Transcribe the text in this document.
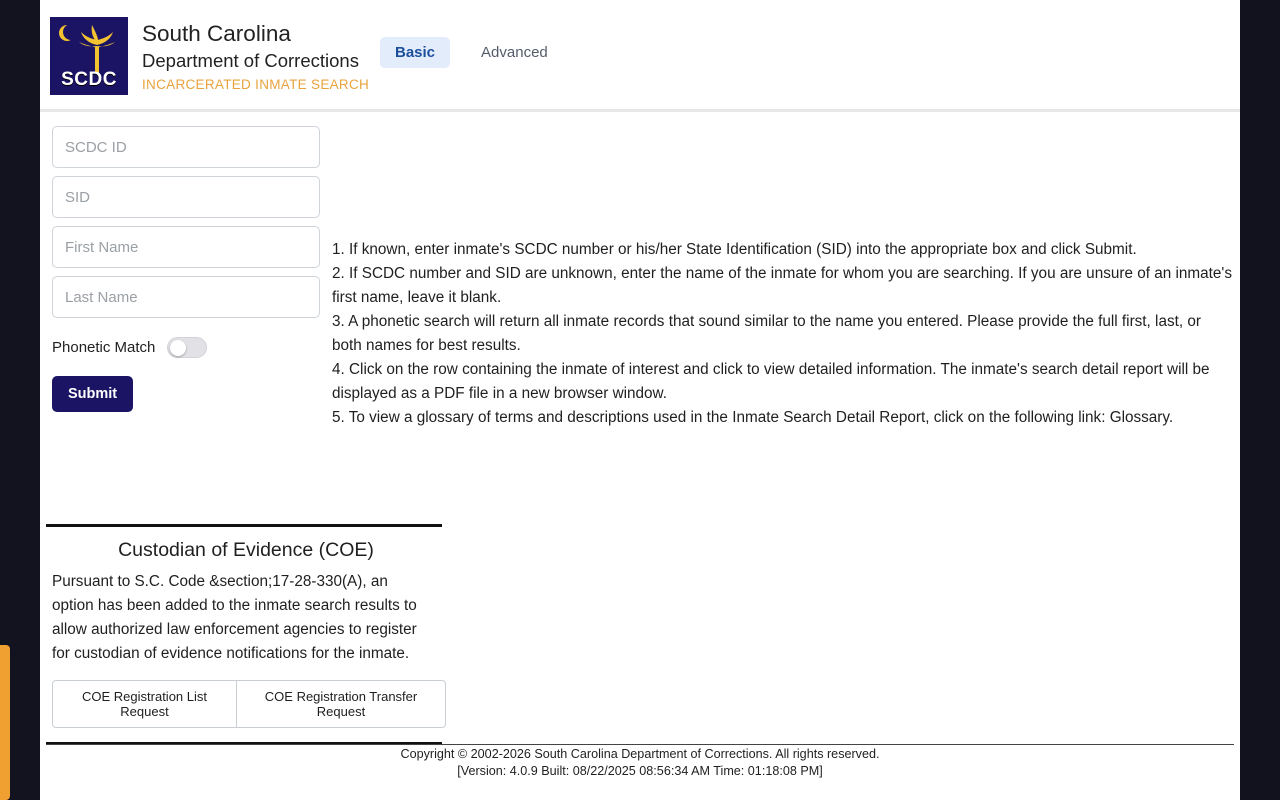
SCDC
South Carolina
Department of Corrections
INCARCERATED INMATE SEARCH
Basic	Advanced
SCDC ID SID First Name Last Name
Phonetic Match
Submit
1. If known, enter inmate's SCDC number or his/her State Identification (SID) into the appropriate box and click Submit.
2. If SCDC number and SID are unknown, enter the name of the inmate for whom you are searching. If you are unsure of an inmate's first name, leave it blank.
3. A phonetic search will return all inmate records that sound similar to the name you entered. Please provide the full first, last, or both names for best results.
4. Click on the row containing the inmate of interest and click to view detailed information. The inmate's search detail report will be displayed as a PDF file in a new browser window.
5. To view a glossary of terms and descriptions used in the Inmate Search Detail Report, click on the following link: Glossary.
Custodian of Evidence (COE)
Pursuant to S.C. Code &section;17-28-330(A), an option has been added to the inmate search results to allow authorized law enforcement agencies to register for custodian of evidence notifications for the inmate.
COE Registration List Request
COE Registration Transfer Request
Copyright © 2002-2026 South Carolina Department of Corrections. All rights reserved.
[Version: 4.0.9 Built: 08/22/2025 08:56:34 AM Time: 01:18:08 PM]
